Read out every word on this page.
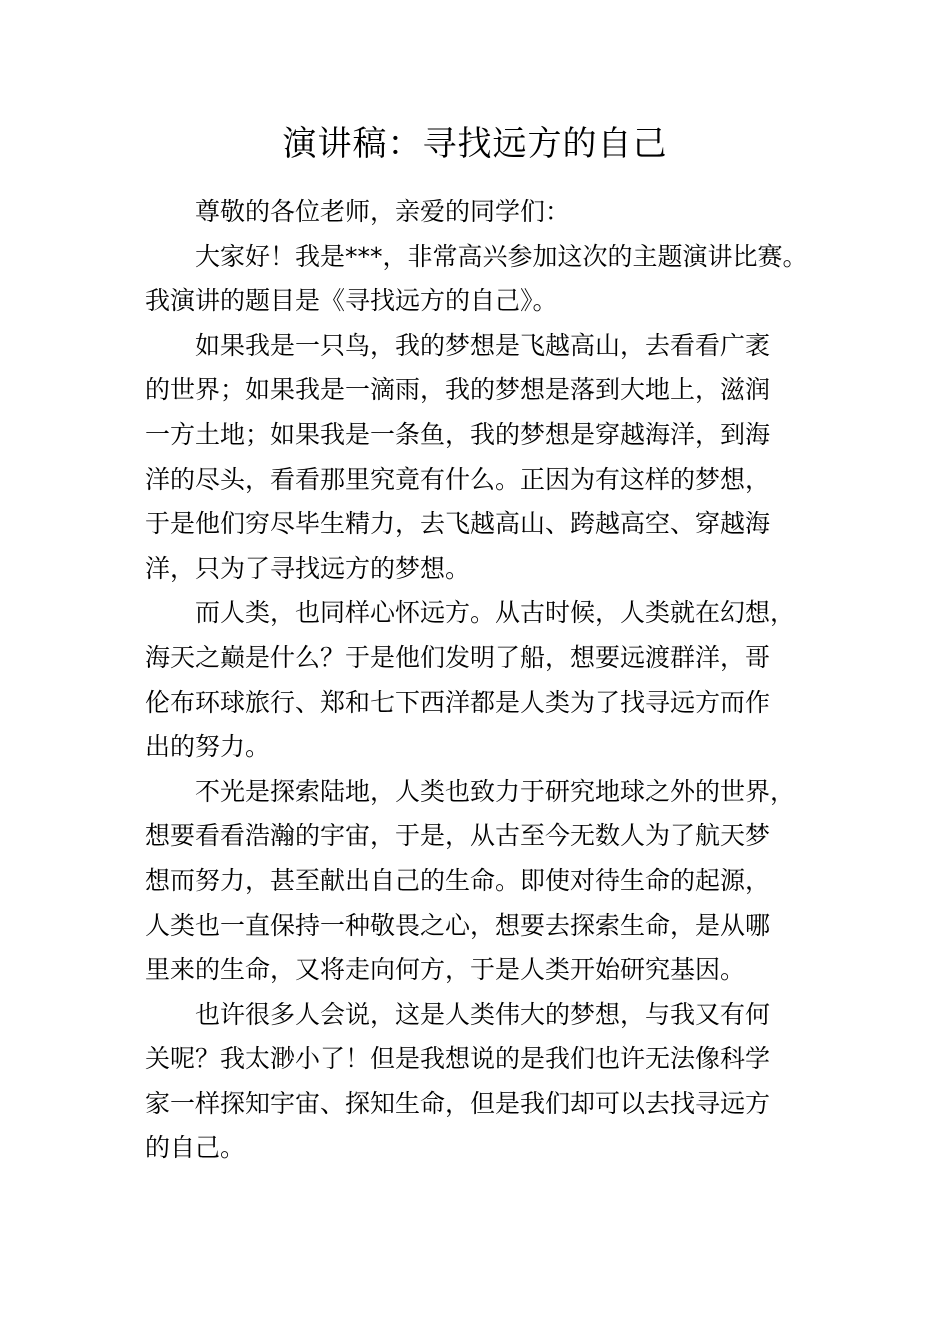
演讲稿：寻找远方的自己

尊敬的各位老师，亲爱的同学们：

大家好！我是***，非常高兴参加这次的主题演讲比赛。

我演讲的题目是《寻找远方的自己》。

如果我是一只鸟，我的梦想是飞越高山，去看看广袤

的世界；如果我是一滴雨，我的梦想是落到大地上，滋润

一方土地；如果我是一条鱼，我的梦想是穿越海洋，到海

洋的尽头，看看那里究竟有什么。正因为有这样的梦想，

于是他们穷尽毕生精力，去飞越高山、跨越高空、穿越海

洋，只为了寻找远方的梦想。

而人类，也同样心怀远方。从古时候，人类就在幻想，

海天之巅是什么？于是他们发明了船，想要远渡群洋，哥

伦布环球旅行、郑和七下西洋都是人类为了找寻远方而作

出的努力。

不光是探索陆地，人类也致力于研究地球之外的世界，

想要看看浩瀚的宇宙，于是，从古至今无数人为了航天梦

想而努力，甚至献出自己的生命。即使对待生命的起源，

人类也一直保持一种敬畏之心，想要去探索生命，是从哪

里来的生命，又将走向何方，于是人类开始研究基因。

也许很多人会说，这是人类伟大的梦想，与我又有何

关呢？我太渺小了！但是我想说的是我们也许无法像科学

家一样探知宇宙、探知生命，但是我们却可以去找寻远方

的自己。
